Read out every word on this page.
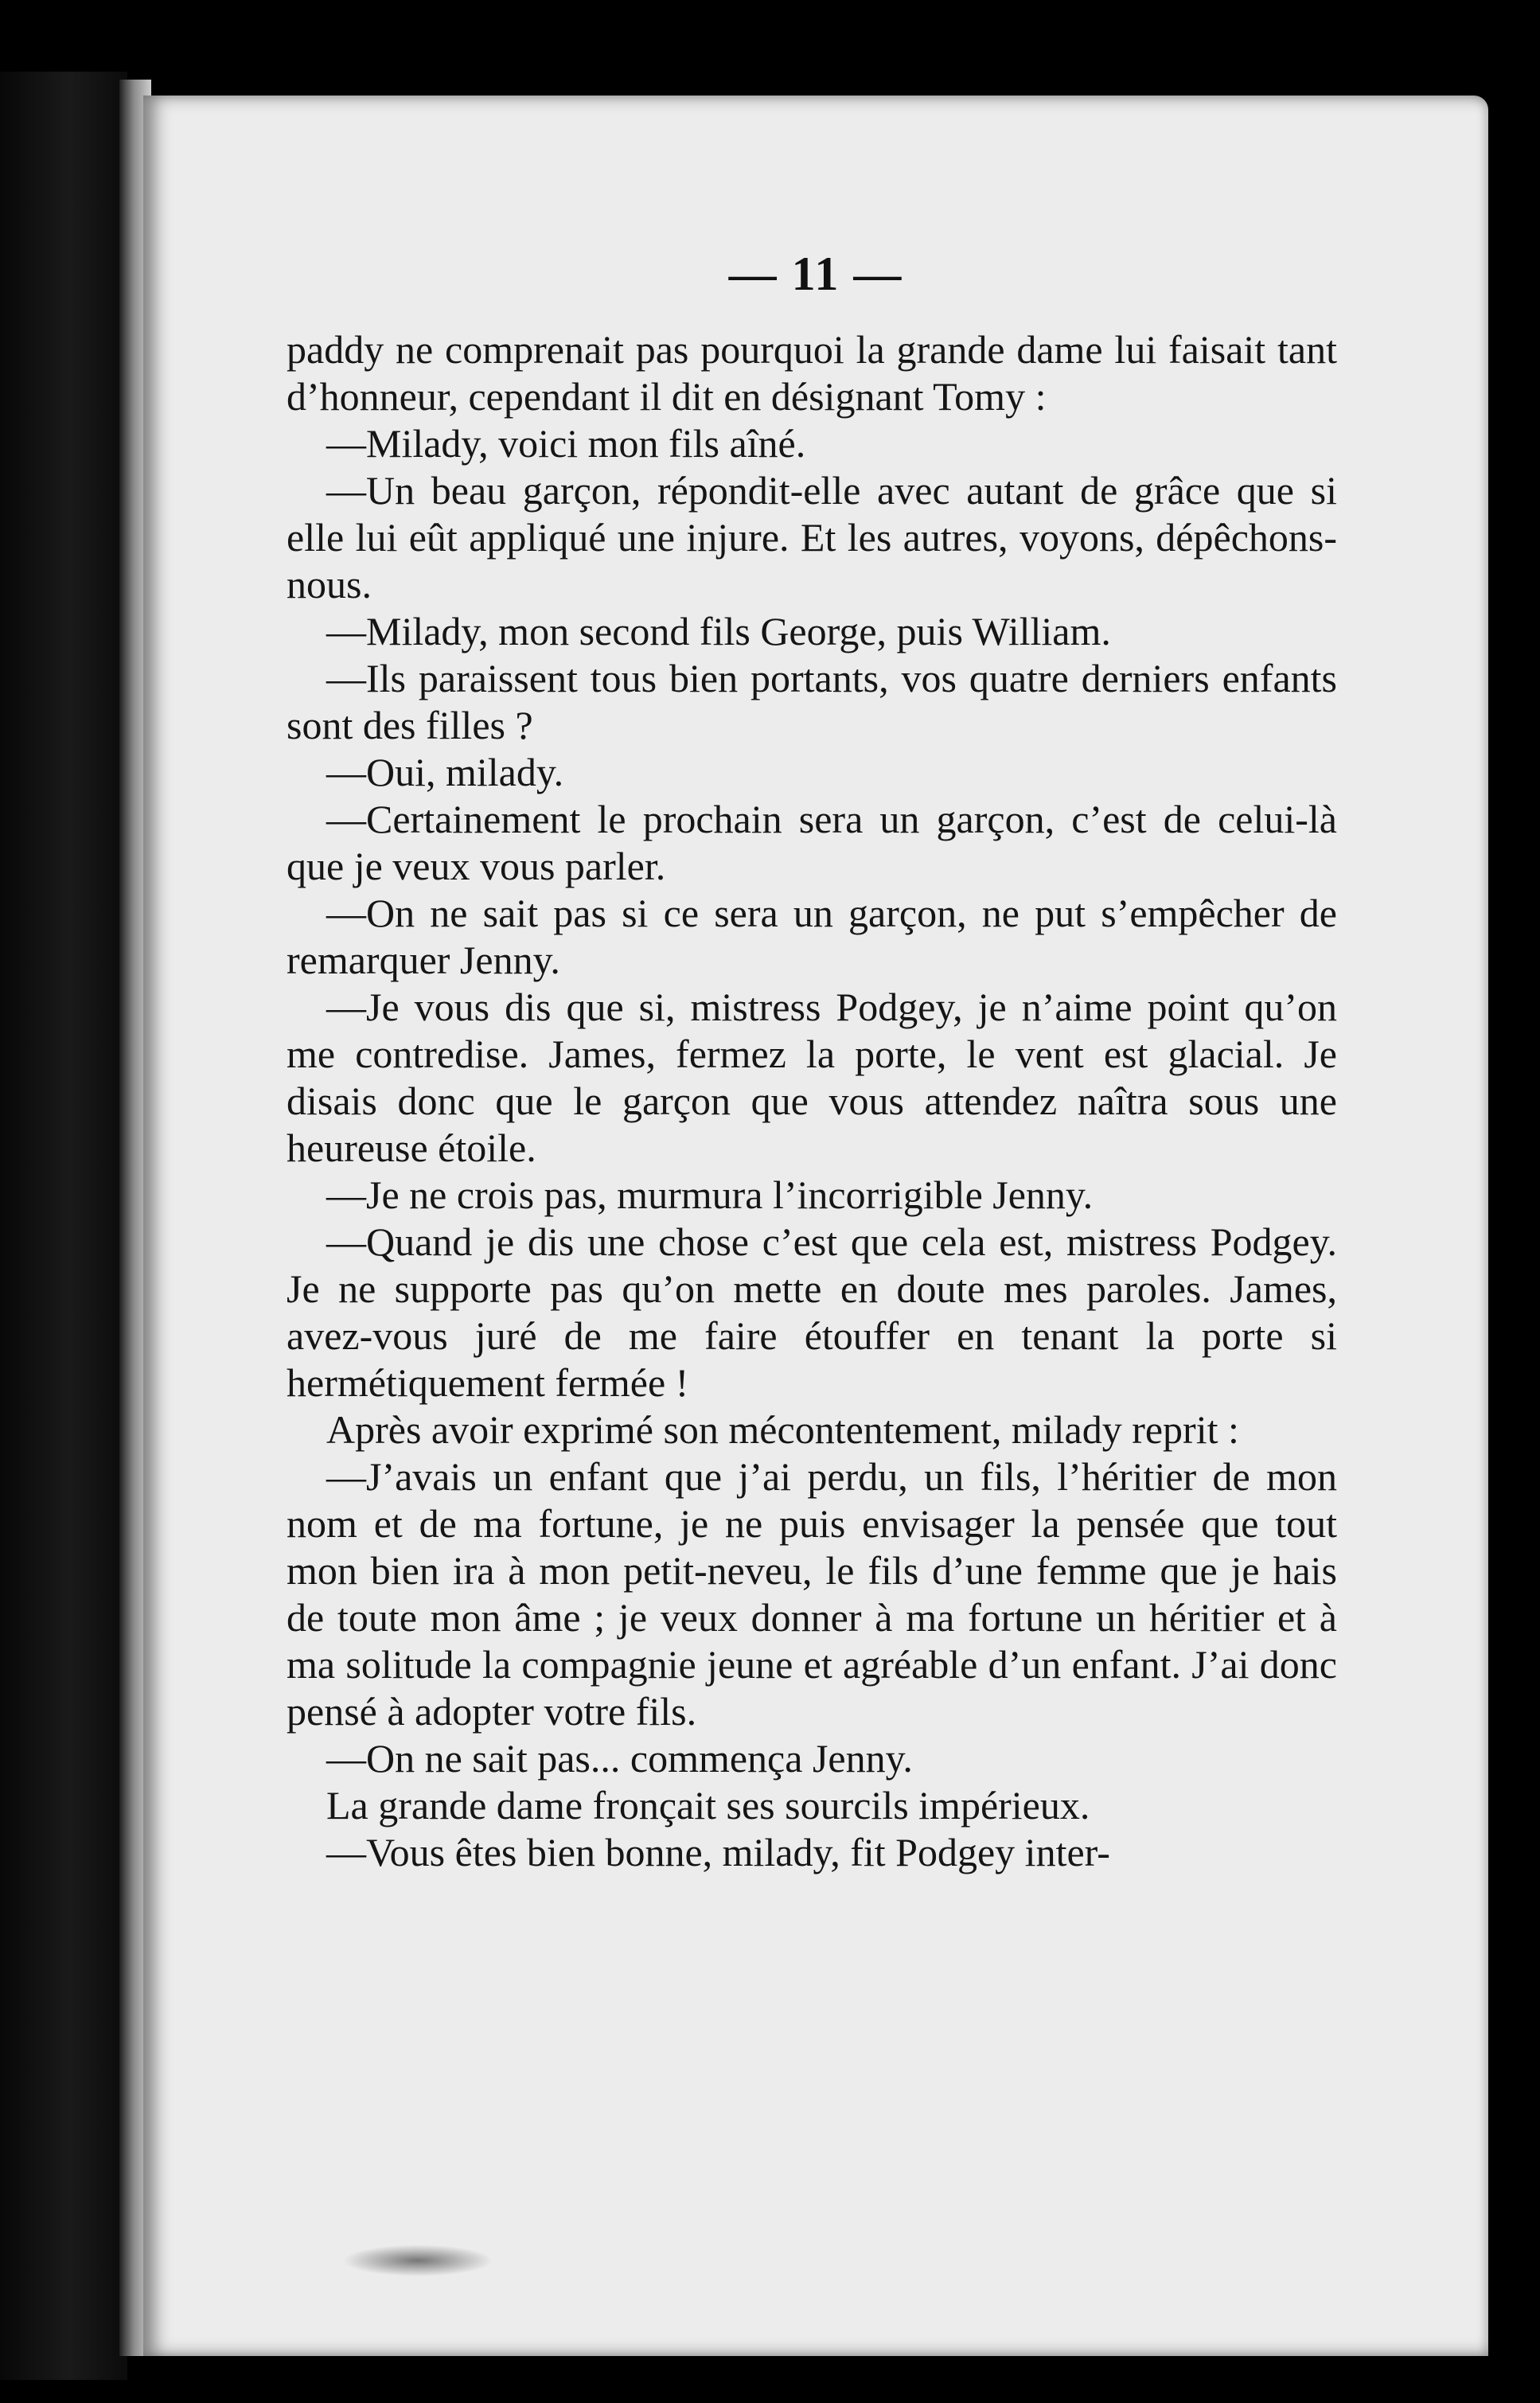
— 11 —

paddy ne comprenait pas pourquoi la grande dame lui faisait tant d’honneur, cependant il dit en désignant Tomy :

—Milady, voici mon fils aîné.

—Un beau garçon, répondit-elle avec autant de grâce que si elle lui eût appliqué une injure. Et les autres, voyons, dépêchons-nous.

—Milady, mon second fils George, puis William.

—Ils paraissent tous bien portants, vos quatre derniers enfants sont des filles ?

—Oui, milady.

—Certainement le prochain sera un garçon, c’est de celui-là que je veux vous parler.

—On ne sait pas si ce sera un garçon, ne put s’empêcher de remarquer Jenny.

—Je vous dis que si, mistress Podgey, je n’aime point qu’on me contredise. James, fermez la porte, le vent est glacial. Je disais donc que le garçon que vous attendez naîtra sous une heureuse étoile.

—Je ne crois pas, murmura l’incorrigible Jenny.

—Quand je dis une chose c’est que cela est, mistress Podgey. Je ne supporte pas qu’on mette en doute mes paroles. James, avez-vous juré de me faire étouffer en tenant la porte si hermétiquement fermée !

Après avoir exprimé son mécontentement, milady reprit :

—J’avais un enfant que j’ai perdu, un fils, l’héritier de mon nom et de ma fortune, je ne puis envisager la pensée que tout mon bien ira à mon petit-neveu, le fils d’une femme que je hais de toute mon âme ; je veux donner à ma fortune un héritier et à ma solitude la compagnie jeune et agréable d’un enfant. J’ai donc pensé à adopter votre fils.

—On ne sait pas... commença Jenny.

La grande dame fronçait ses sourcils impérieux.

—Vous êtes bien bonne, milady, fit Podgey inter-
